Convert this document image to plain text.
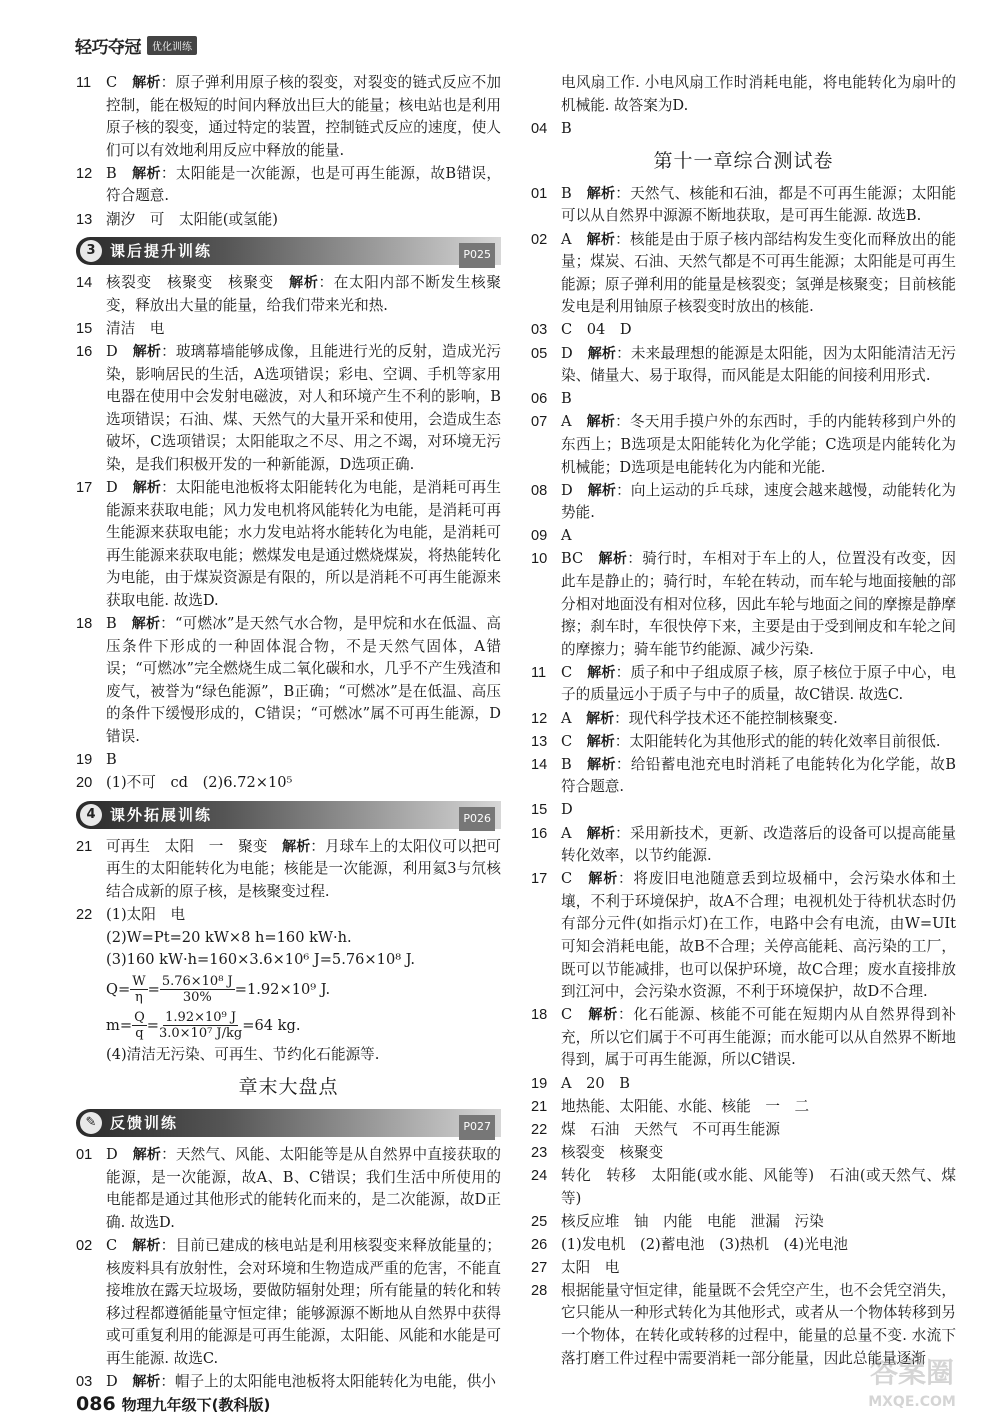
轻巧夺冠	优化训练
11	C　 解析：原子弹利用原子核的裂变，对裂变的链式反应不加控制，能在极短的时间内释放出巨大的能量；核电站也是利用原子核的裂变，通过特定的装置，控制链式反应的速度，使人们可以有效地利用反应中释放的能量.
12 B　 解析：太阳能是一次能源，也是可再生能源，故B错误，符合题意.
13 潮汐　可　太阳能(或氢能)
3 课后提升训练	P025
14 核裂变　核聚变　核聚变　 解析：在太阳内部不断发生核聚变，释放出大量的能量，给我们带来光和热.
15 清洁　电
16 D　 解析：玻璃幕墙能够成像，且能进行光的反射，造成光污染，影响居民的生活，A选项错误；彩电、空调、手机等家用电器在使用中会发射电磁波，对人和环境产生不利的影响，B选项错误；石油、煤、天然气的大量开采和使用，会造成生态破坏，C选项错误；太阳能取之不尽、用之不竭，对环境无污染，是我们积极开发的一种新能源，D选项正确.
17 D　 解析：太阳能电池板将太阳能转化为电能，是消耗可再生能源来获取电能；风力发电机将风能转化为电能，是消耗可再生能源来获取电能；水力发电站将水能转化为电能，是消耗可再生能源来获取电能；燃煤发电是通过燃烧煤炭，将热能转化为电能，由于煤炭资源是有限的，所以是消耗不可再生能源来获取电能. 故选D.
18 B　 解析：“可燃冰”是天然气水合物，是甲烷和水在低温、高压条件下形成的一种固体混合物，不是天然气固体，A错误；“可燃冰”完全燃烧生成二氧化碳和水，几乎不产生残渣和废气，被誉为“绿色能源”，B正确；“可燃冰”是在低温、高压的条件下缓慢形成的，C错误；“可燃冰”属不可再生能源，D错误.
19 B
20 (1)不可　cd　(2)6.72×10⁵
4 课外拓展训练	P026
21 可再生　太阳　一　聚变　 解析：月球车上的太阳仪可以把可再生的太阳能转化为电能；核能是一次能源，利用氦3与氘核结合成新的原子核，是核聚变过程.
22 (1)太阳　电
(2)W=Pt=20 kW×8 h=160 kW·h.
(3)160 kW·h=160×3.6×10⁶ J=5.76×10⁸ J.
$Q= \frac{W}{\eta} = \frac{\text{5.76×10⁸ J}}{30\%} =1.92\times 10^9$ J.
$m= \frac{Q}{q} = \frac{\text{1.92×10⁹ J}}{\text{3.0×10⁷ J/kg}} =64$ kg.
(4)清洁无污染、可再生、节约化石能源等.
章末大盘点
✎ 反馈训练	P027
01 D　 解析：天然气、风能、太阳能等是从自然界中直接获取的能源，是一次能源，故A、B、C错误；我们生活中所使用的电能都是通过其他形式的能转化而来的，是二次能源，故D正确. 故选D.
02 C　 解析：目前已建成的核电站是利用核裂变来释放能量的；核废料具有放射性，会对环境和生物造成严重的危害，不能直接堆放在露天垃圾场，要做防辐射处理；所有能量的转化和转移过程都遵循能量守恒定律；能够源源不断地从自然界中获得或可重复利用的能源是可再生能源，太阳能、风能和水能是可再生能源. 故选C.
03 D　 解析：帽子上的太阳能电池板将太阳能转化为电能，供小
电风扇工作. 小电风扇工作时消耗电能，将电能转化为扇叶的机械能. 故答案为D.
04 B
第十一章综合测试卷
01 B　 解析：天然气、核能和石油，都是不可再生能源；太阳能可以从自然界中源源不断地获取，是可再生能源. 故选B.
02 A　 解析：核能是由于原子核内部结构发生变化而释放出的能量；煤炭、石油、天然气都是不可再生能源；太阳能是可再生能源；原子弹利用的能量是核裂变；氢弹是核聚变；目前核能发电是利用铀原子核裂变时放出的核能.
03 C　04　D
05 D　 解析：未来最理想的能源是太阳能，因为太阳能清洁无污染、储量大、易于取得，而风能是太阳能的间接利用形式.
06 B
07 A　 解析：冬天用手摸户外的东西时，手的内能转移到户外的东西上；B选项是太阳能转化为化学能；C选项是内能转化为机械能；D选项是电能转化为内能和光能.
08 D　 解析：向上运动的乒乓球，速度会越来越慢，动能转化为势能.
09 A
10 BC　 解析：骑行时，车相对于车上的人，位置没有改变，因此车是静止的；骑行时，车轮在转动，而车轮与地面接触的部分相对地面没有相对位移，因此车轮与地面之间的摩擦是静摩擦；刹车时，车很快停下来，主要是由于受到闸皮和车轮之间的摩擦力；骑车能节约能源、减少污染.
11	C　 解析：质子和中子组成原子核，原子核位于原子中心，电子的质量远小于质子与中子的质量，故C错误. 故选C.
12 A　 解析：现代科学技术还不能控制核聚变.
13 C　 解析：太阳能转化为其他形式的能的转化效率目前很低.
14 B　 解析：给铅蓄电池充电时消耗了电能转化为化学能，故B符合题意.
15 D
16 A　 解析：采用新技术，更新、改造落后的设备可以提高能量转化效率，以节约能源.
17 C　 解析：将废旧电池随意丢到垃圾桶中，会污染水体和土壤，不利于环境保护，故A不合理；电视机处于待机状态时仍有部分元件(如指示灯)在工作，电路中会有电流，由W=UIt可知会消耗电能，故B不合理；关停高能耗、高污染的工厂，既可以节能减排，也可以保护环境，故C合理；废水直接排放到江河中，会污染水资源，不利于环境保护，故D不合理.
18 C　 解析：化石能源、核能不可能在短期内从自然界得到补充，所以它们属于不可再生能源；而水能可以从自然界不断地得到，属于可再生能源，所以C错误.
19 A　20　B
21 地热能、太阳能、水能、核能　一　二
22 煤　石油　天然气　不可再生能源
23 核裂变　核聚变
24 转化　转移　太阳能(或水能、风能等)　石油(或天然气、煤等)
25 核反应堆　铀　内能　电能　泄漏　污染
26 (1)发电机　(2)蓄电池　(3)热机　(4)光电池
27 太阳　电
28 根据能量守恒定律，能量既不会凭空产生，也不会凭空消失，它只能从一种形式转化为其他形式，或者从一个物体转移到另一个物体，在转化或转移的过程中，能量的总量不变. 水流下落打磨工件过程中需要消耗一部分能量，因此总能量逐渐
086 物理九年级下(教科版)
答案圈
MXQE.COM
